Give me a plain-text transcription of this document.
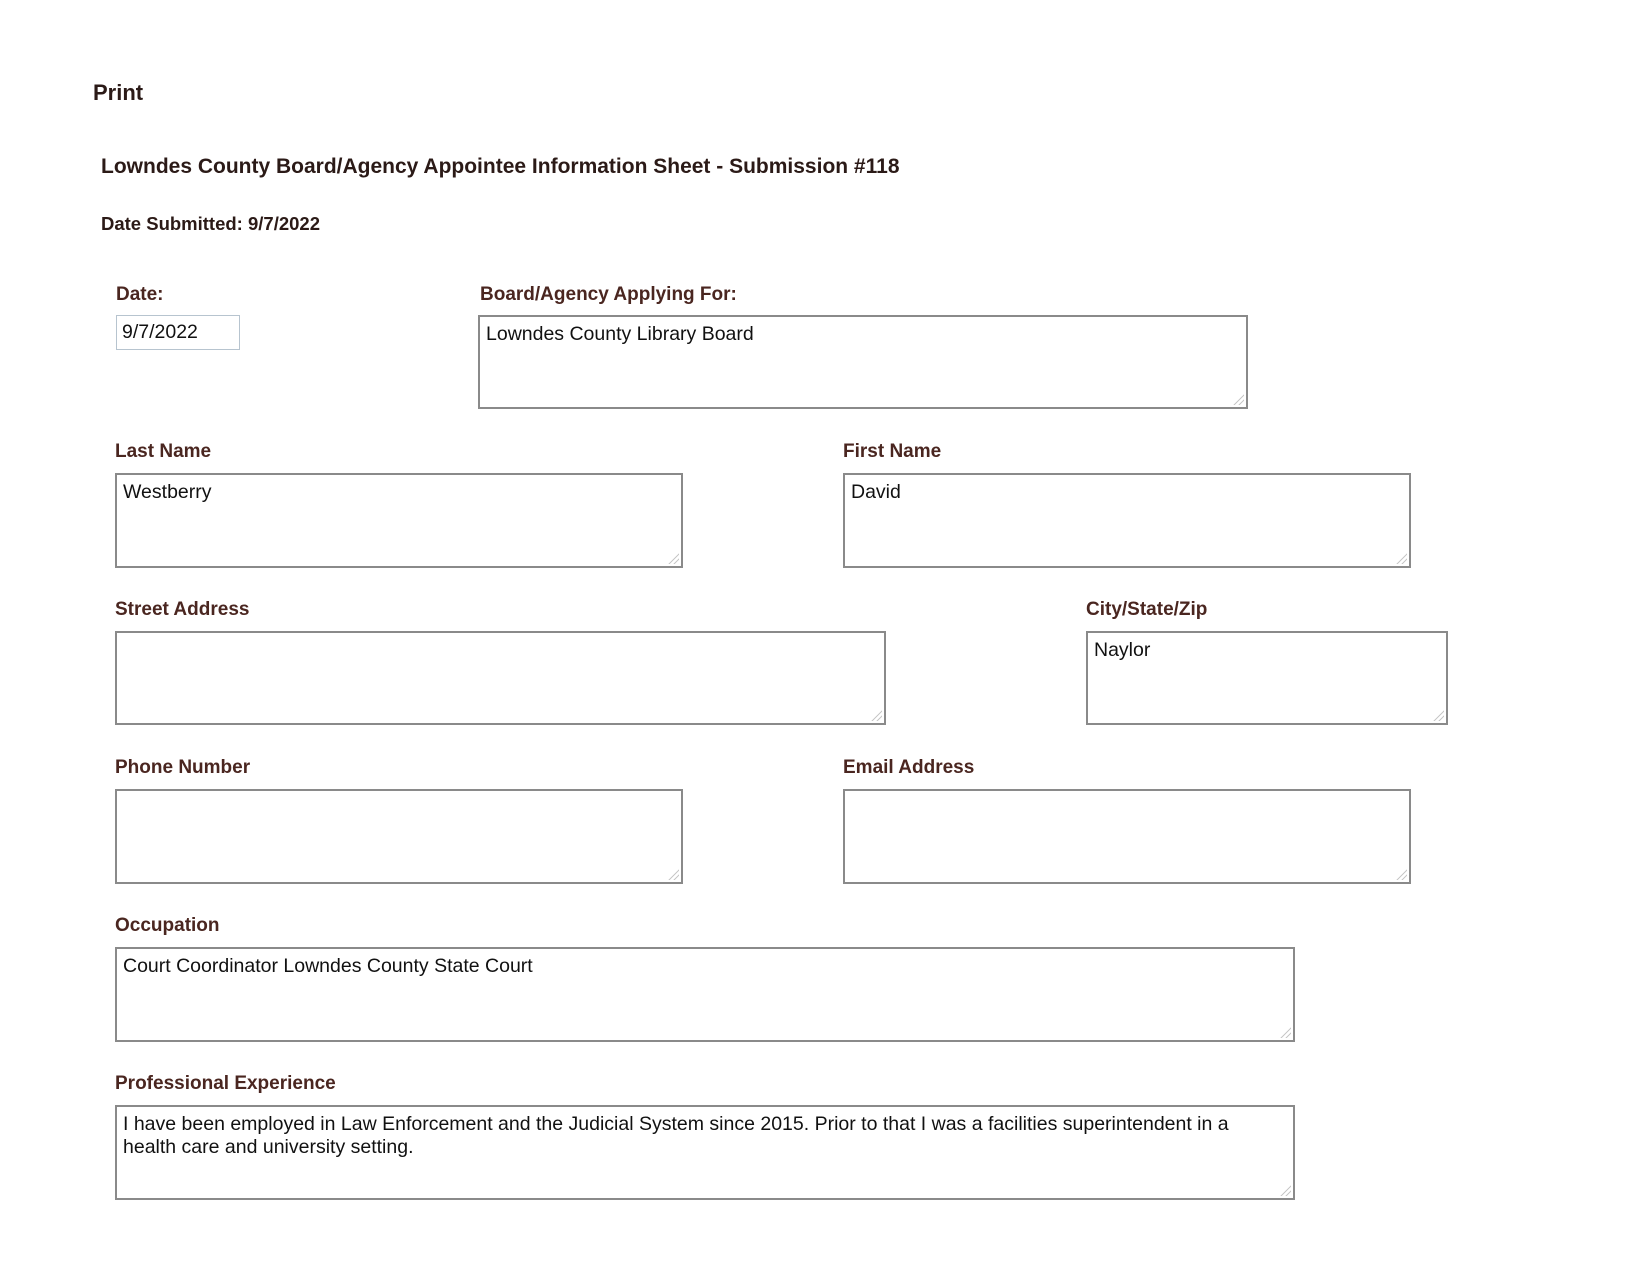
Print
Lowndes County Board/Agency Appointee Information Sheet - Submission #118
Date Submitted: 9/7/2022
Date:
9/7/2022
Board/Agency Applying For:
Lowndes County Library Board
Last Name
Westberry
First Name
David
Street Address	City/State/Zip
Naylor
Phone Number	Email Address
Occupation
Court Coordinator Lowndes County State Court
Professional Experience
I have been employed in Law Enforcement and the Judicial System since 2015. Prior to that I was a facilities superintendent in a health care and university setting.
